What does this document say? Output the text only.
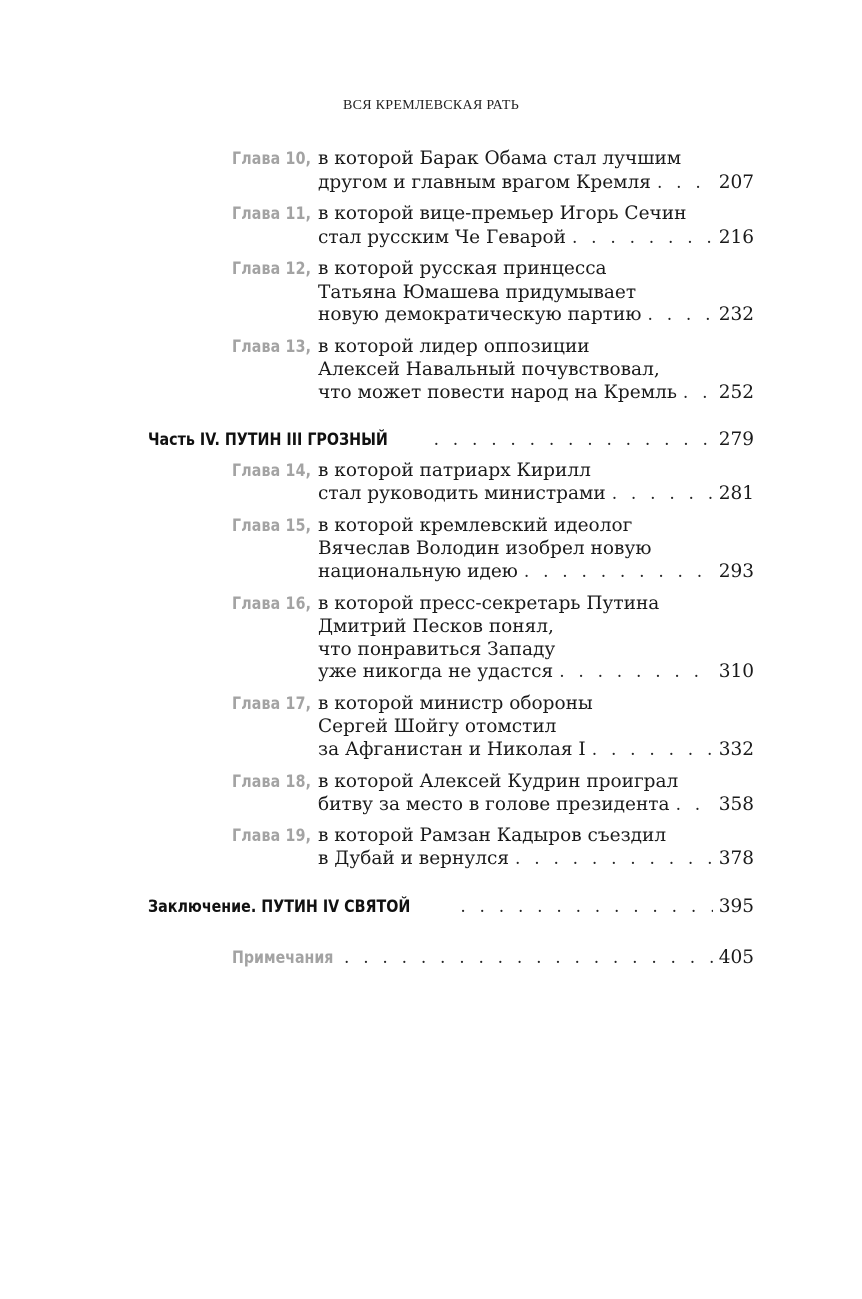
ВСЯ КРЕМЛЕВСКАЯ РАТЬ
Глава 10, в которой Барак Обама стал лучшим
другом и главным врагом Кремля . . .	207
Глава 11, в которой вице-премьер Игорь Сечин
стал русским Че Геварой . . .	216
Глава 12, в которой русская принцесса
Татьяна Юмашева придумывает
новую демократическую партию . . .	232
Глава 13, в которой лидер оппозиции
Алексей Навальный почувствовал,
что может повести народ на Кремль . . . 252
Часть IV. ПУТИН III ГРОЗНЫЙ . . .	279
Глава 14, в которой патриарх Кирилл
стал руководить министрами . . .	281
Глава 15, в которой кремлевский идеолог
Вячеслав Володин изобрел новую
национальную идею . . .	293
Глава 16, в которой пресс-секретарь Путина
Дмитрий Песков понял,
что понравиться Западу
уже никогда не удастся . . .	310
Глава 17, в которой министр обороны
Сергей Шойгу отомстил
за Афганистан и Николая I . . .	332
Глава 18, в которой Алексей Кудрин проиграл
битву за место в голове президента . . .	358
Глава 19, в которой Рамзан Кадыров съездил
в Дубай и вернулся . . .	378
Заключение. ПУТИН IV СВЯТОЙ . . .	395
Примечания . . .	405
